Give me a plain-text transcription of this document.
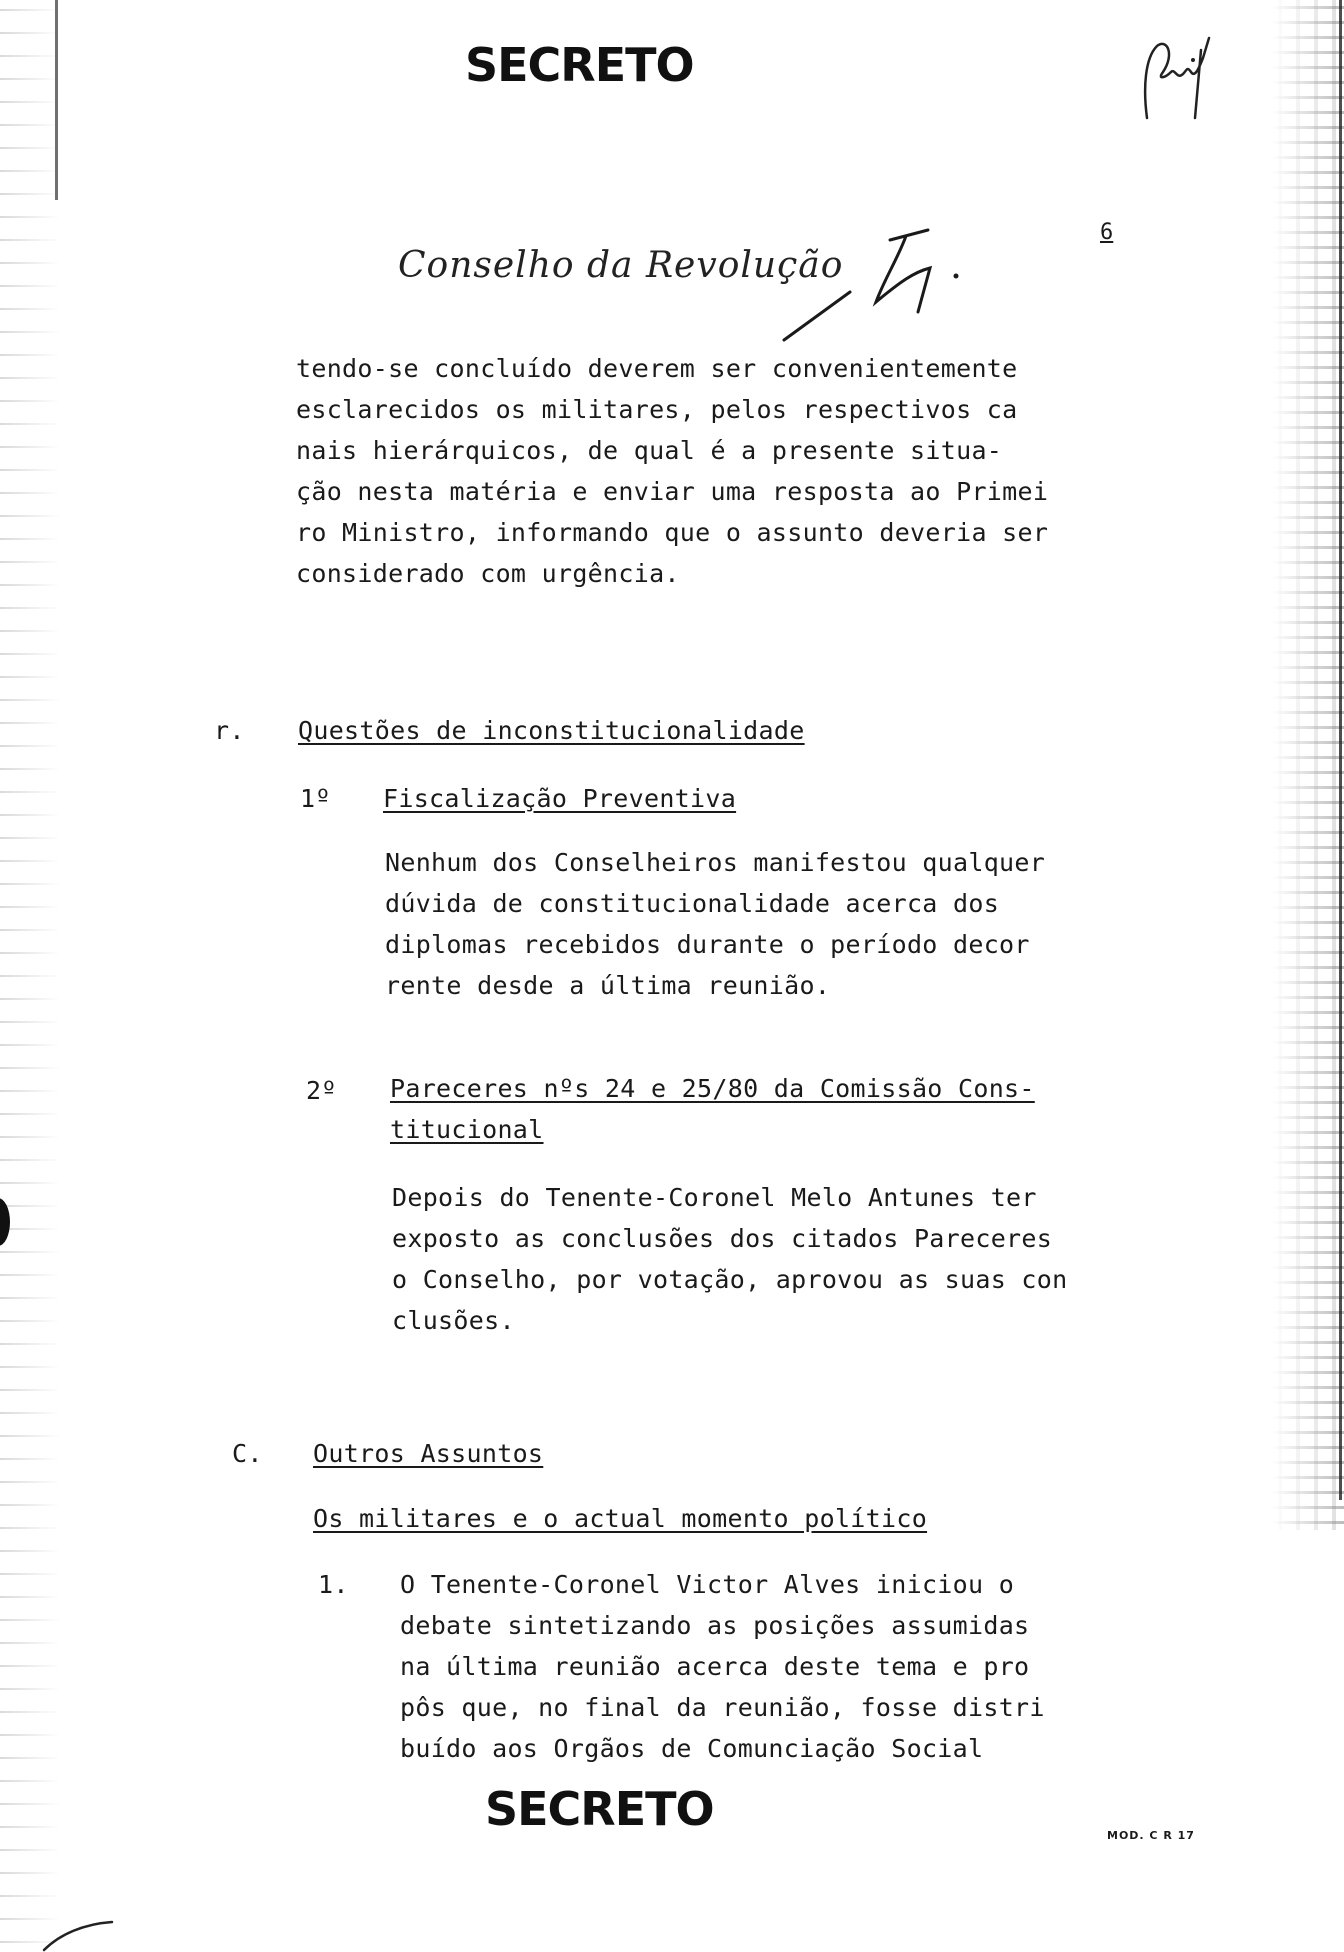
SECRETO
Conselho da Revolução
6
tendo-se concluído deverem ser convenientemente
esclarecidos os militares, pelos respectivos ca
nais hierárquicos, de qual é a presente situa-
ção nesta matéria e enviar uma resposta ao Primei
ro Ministro, informando que o assunto deveria ser
considerado com urgência.
r. Questões de inconstitucionalidade
1º Fiscalização Preventiva
Nenhum dos Conselheiros manifestou qualquer
dúvida de constitucionalidade acerca dos
diplomas recebidos durante o período decor
rente desde a última reunião.
2º Pareceres nºs 24 e 25/80 da Comissão Cons-
titucional
Depois do Tenente-Coronel Melo Antunes ter
exposto as conclusões dos citados Pareceres
o Conselho, por votação, aprovou as suas con
clusões.
C. Outros Assuntos
Os militares e o actual momento político
1. O Tenente-Coronel Victor Alves iniciou o
debate sintetizando as posições assumidas
na última reunião acerca deste tema e pro
pôs que, no final da reunião, fosse distri
buído aos Orgãos de Comunciação Social
SECRETO	MOD. C R 17
